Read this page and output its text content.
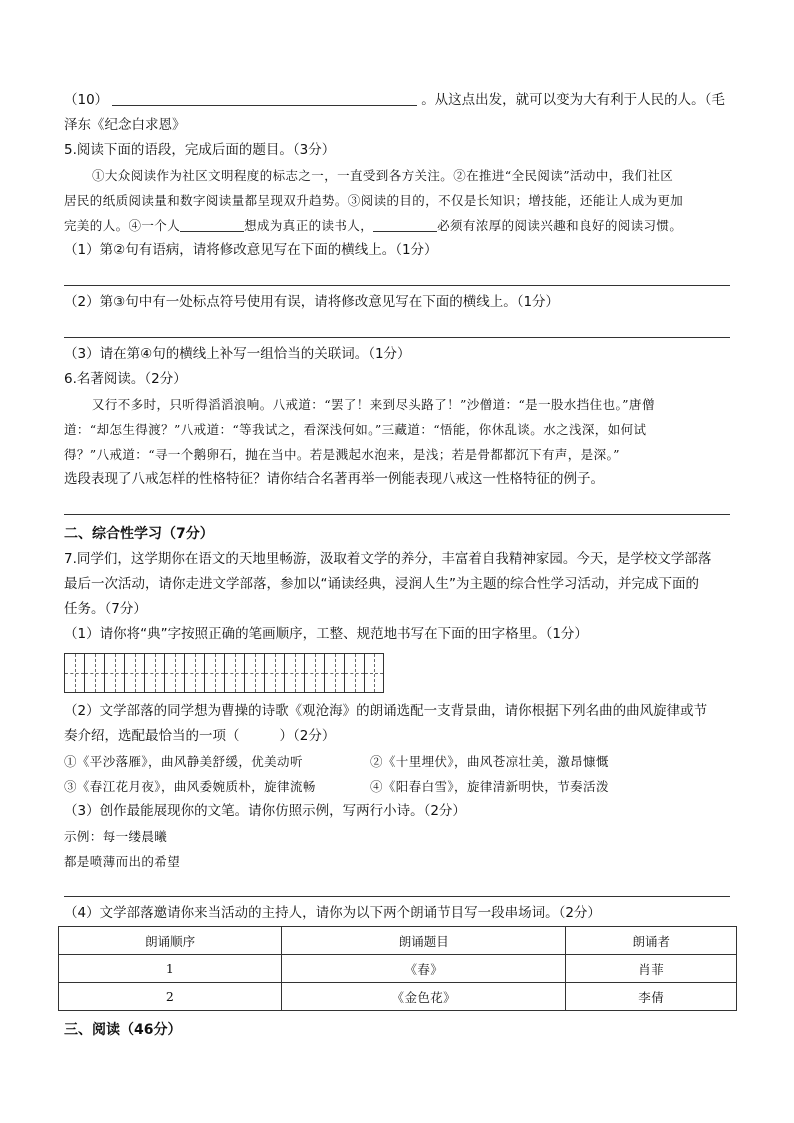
（10）	。从这点出发，就可以变为大有利于人民的人。（毛
泽东《纪念白求恩》
5.阅读下面的语段，完成后面的题目。（3分）
①大众阅读作为社区文明程度的标志之一，一直受到各方关注。②在推进“全民阅读”活动中，我们社区
居民的纸质阅读量和数字阅读量都呈现双升趋势。③阅读的目的，不仅是长知识；增技能，还能让人成为更加
完美的人。④一个人	想成为真正的读书人，	必须有浓厚的阅读兴趣和良好的阅读习惯。
（1）第②句有语病，请将修改意见写在下面的横线上。（1分）
（2）第③句中有一处标点符号使用有误，请将修改意见写在下面的横线上。（1分）
（3）请在第④句的横线上补写一组恰当的关联词。（1分）
6.名著阅读。（2分）
又行不多时，只听得滔滔浪响。八戒道：“罢了！来到尽头路了！”沙僧道：“是一股水挡住也。”唐僧
道：“却怎生得渡？”八戒道：“等我试之，看深浅何如。”三藏道：“悟能，你休乱谈。水之浅深，如何试
得？”八戒道：“寻一个鹅卵石，抛在当中。若是溅起水泡来，是浅；若是骨都都沉下有声，是深。”
选段表现了八戒怎样的性格特征？请你结合名著再举一例能表现八戒这一性格特征的例子。
二、综合性学习（7分）
7.同学们，这学期你在语文的天地里畅游，汲取着文学的养分，丰富着自我精神家园。今天，是学校文学部落
最后一次活动，请你走进文学部落，参加以“诵读经典，浸润人生”为主题的综合性学习活动，并完成下面的
任务。（7分）
（1）请你将“典”字按照正确的笔画顺序，工整、规范地书写在下面的田字格里。（1分）
（2）文学部落的同学想为曹操的诗歌《观沧海》的朗诵选配一支背景曲，请你根据下列名曲的曲风旋律或节
奏介绍，选配最恰当的一项（	）（2分）
①《平沙落雁》，曲风静美舒缓，优美动听	②《十里埋伏》，曲风苍凉壮美，激昂慷慨
③《春江花月夜》，曲风委婉质朴，旋律流畅	④《阳春白雪》，旋律清新明快，节奏活泼
（3）创作最能展现你的文笔。请你仿照示例，写两行小诗。（2分）
示例：每一缕晨曦
都是喷薄而出的希望
（4）文学部落邀请你来当活动的主持人，请你为以下两个朗诵节目写一段串场词。（2分）
朗诵顺序	朗诵题目	朗诵者
1	《春》	肖菲
2	《金色花》	李倩
三、阅读（46分）
